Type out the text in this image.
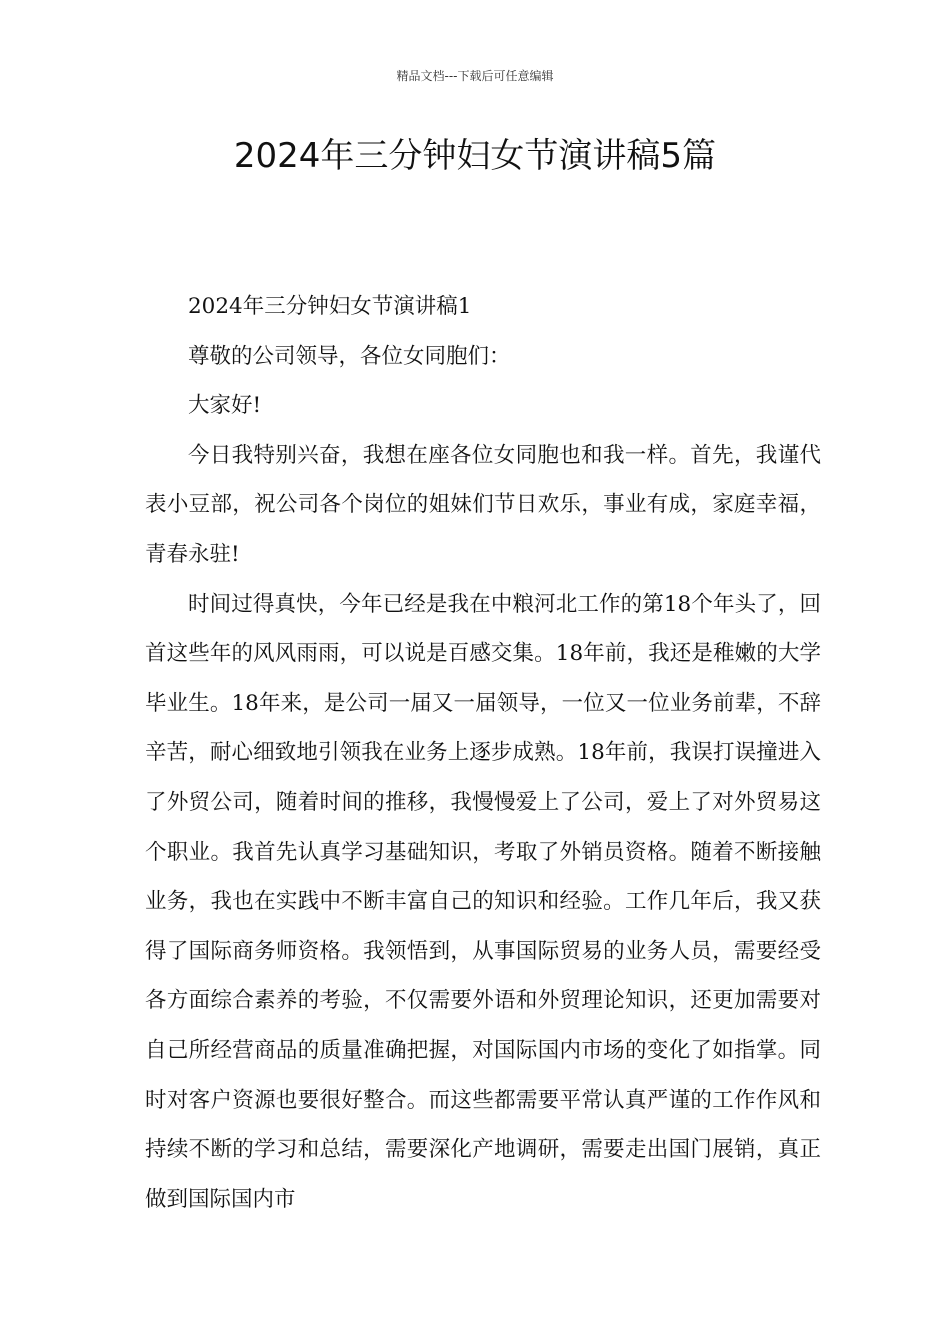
精品文档---下载后可任意编辑
2024年三分钟妇女节演讲稿5篇

2024年三分钟妇女节演讲稿1

尊敬的公司领导，各位女同胞们：

大家好!

今日我特别兴奋，我想在座各位女同胞也和我一样。首先，我谨代表小豆部，祝公司各个岗位的姐妹们节日欢乐，事业有成，家庭幸福，青春永驻!

时间过得真快，今年已经是我在中粮河北工作的第18个年头了，回首这些年的风风雨雨，可以说是百感交集。18年前，我还是稚嫩的大学毕业生。18年来，是公司一届又一届领导，一位又一位业务前辈，不辞辛苦，耐心细致地引领我在业务上逐步成熟。18年前，我误打误撞进入了外贸公司，随着时间的推移，我慢慢爱上了公司，爱上了对外贸易这个职业。我首先认真学习基础知识，考取了外销员资格。随着不断接触业务，我也在实践中不断丰富自己的知识和经验。工作几年后，我又获得了国际商务师资格。我领悟到，从事国际贸易的业务人员，需要经受各方面综合素养的考验，不仅需要外语和外贸理论知识，还更加需要对自己所经营商品的质量准确把握，对国际国内市场的变化了如指掌。同时对客户资源也要很好整合。而这些都需要平常认真严谨的工作作风和持续不断的学习和总结，需要深化产地调研，需要走出国门展销，真正做到国际国内市
